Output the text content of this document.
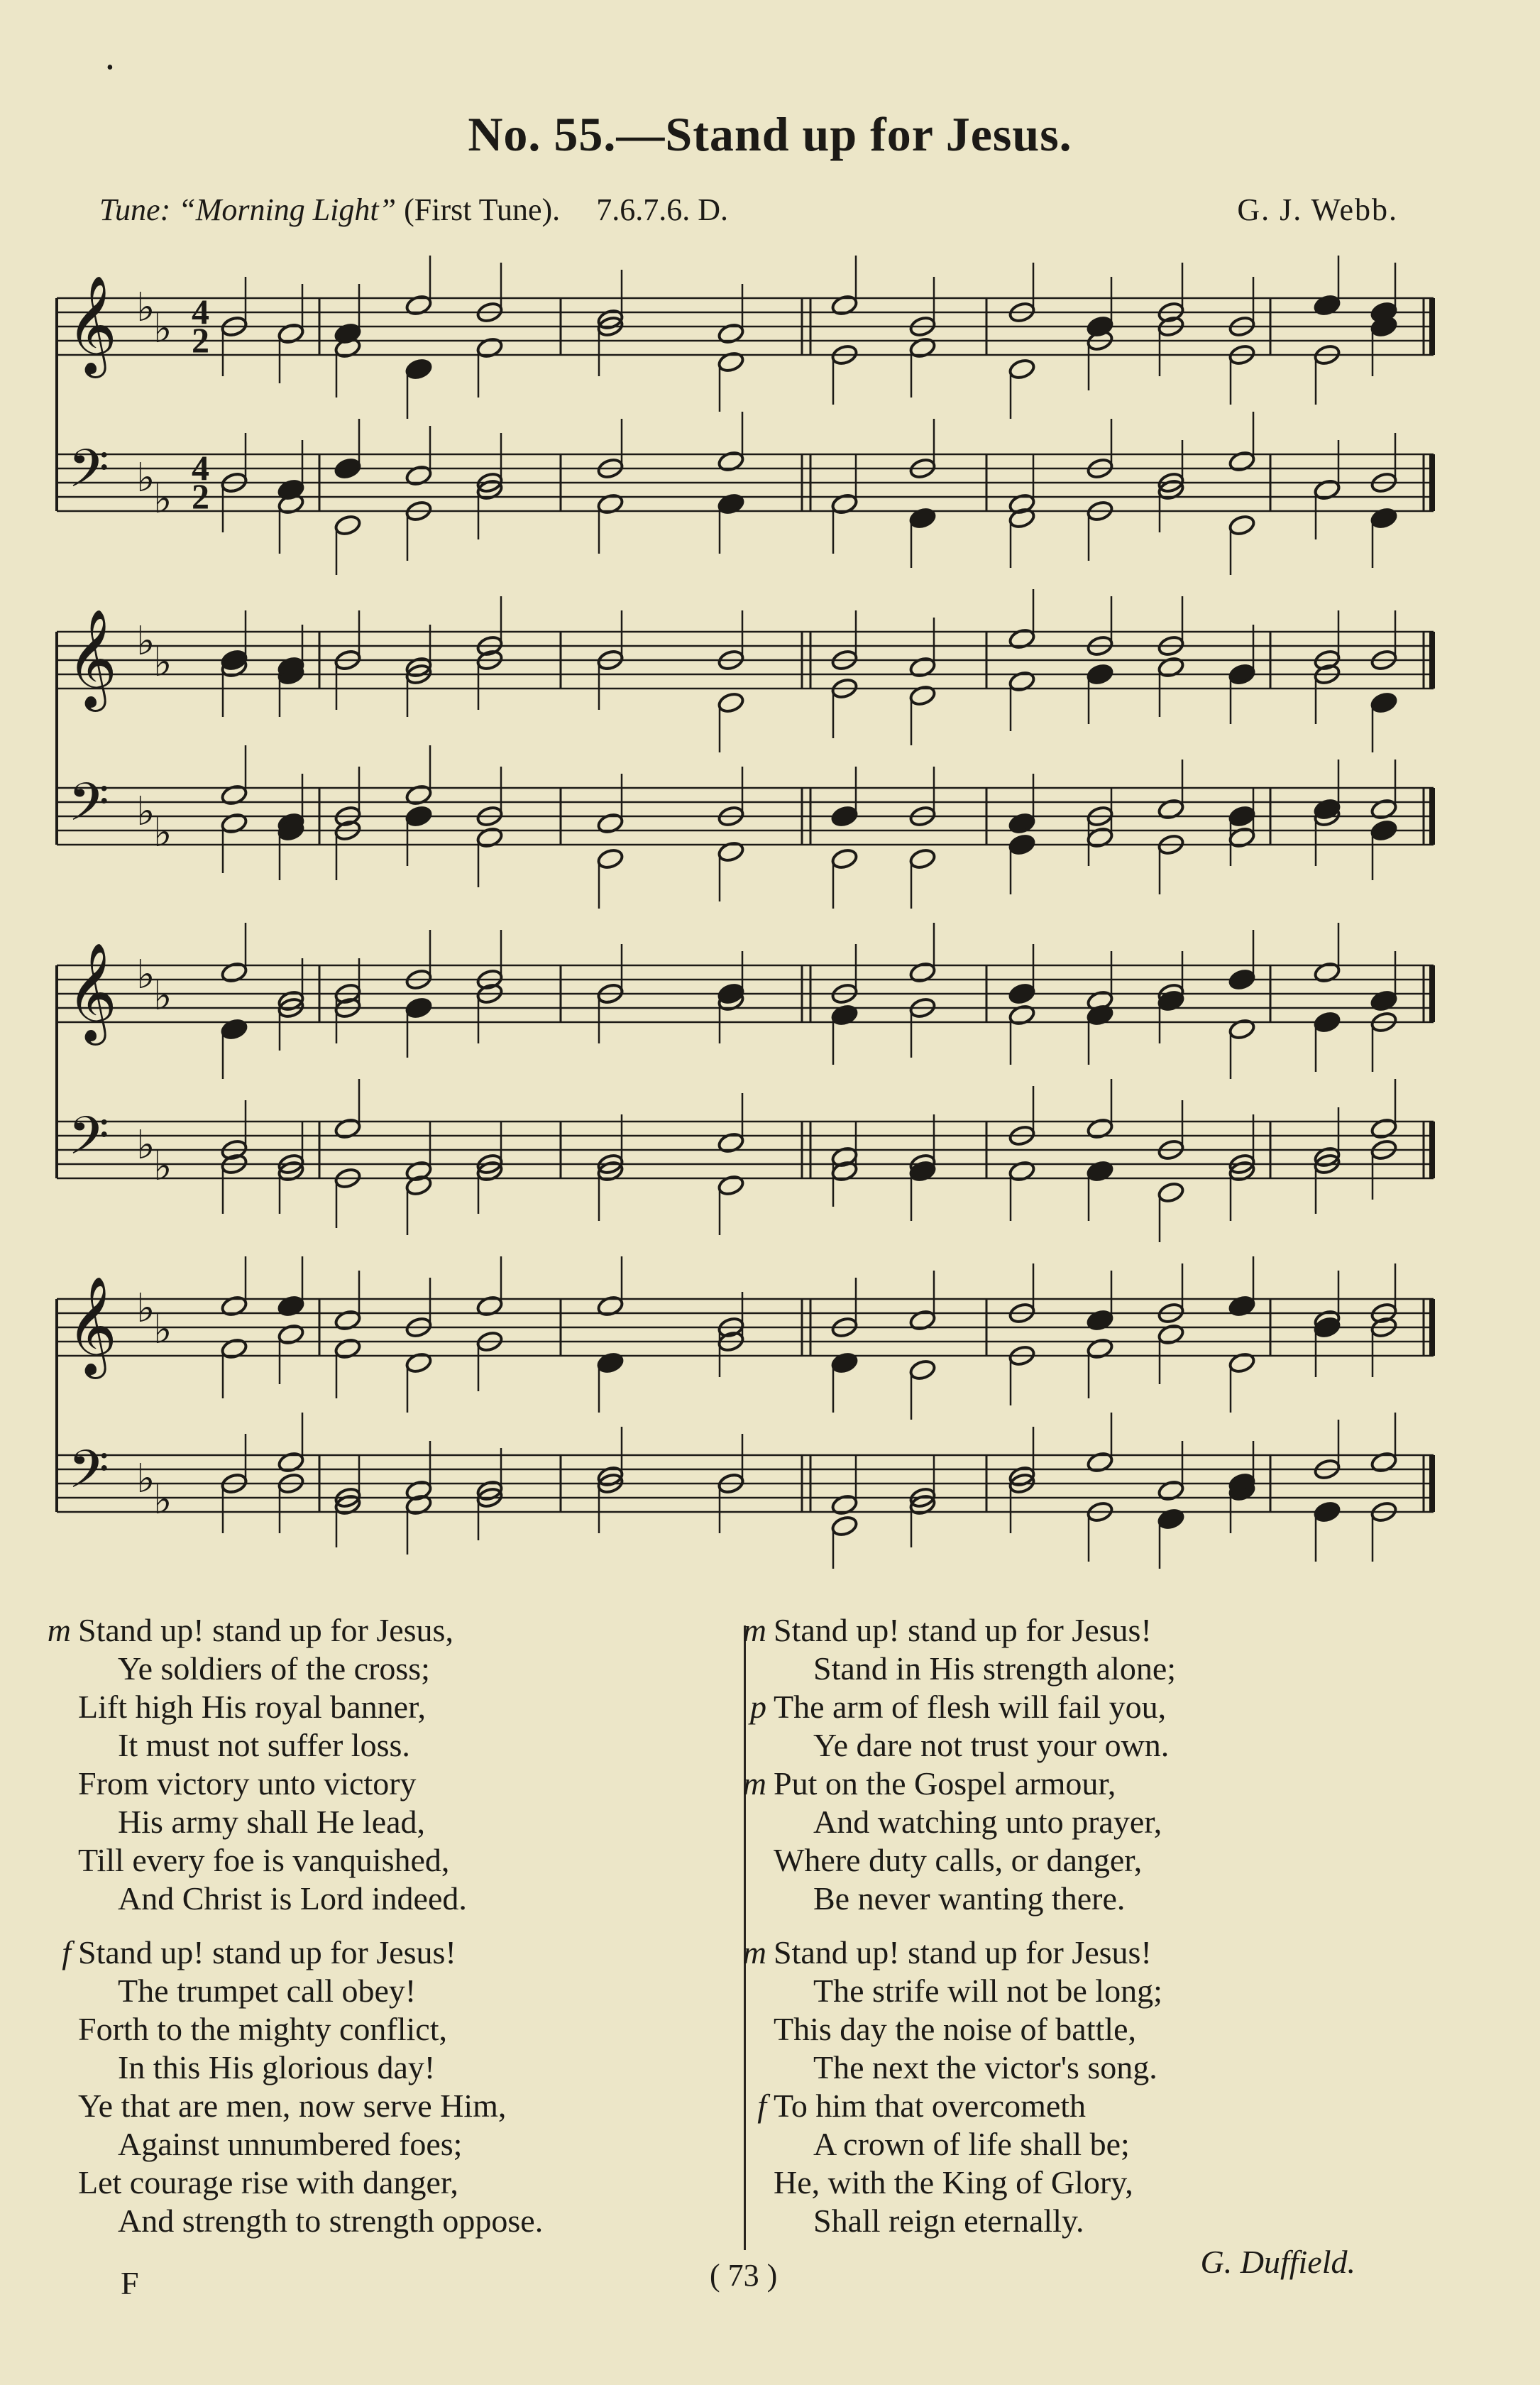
•
No. 55.—Stand up for Jesus.
Tune: “Morning Light” (First Tune). 7.6.7.6. D.	G. J. Webb.
𝄞
𝄢
♭
♭
♭
♭
4
4
2
2
𝄞
𝄢
♭
♭
♭
♭
𝄞
𝄢
♭
♭
♭
♭
𝄞
𝄢
♭
♭
♭
♭
m Stand up! stand up for Jesus,
Ye soldiers of the cross;
Lift high His royal banner,
It must not suffer loss.
From victory unto victory
His army shall He lead,
Till every foe is vanquished,
And Christ is Lord indeed.
f Stand up! stand up for Jesus!
The trumpet call obey!
Forth to the mighty conflict,
In this His glorious day!
Ye that are men, now serve Him,
Against unnumbered foes;
Let courage rise with danger,
And strength to strength oppose.
m Stand up! stand up for Jesus!
Stand in His strength alone;
p The arm of flesh will fail you,
Ye dare not trust your own.
m Put on the Gospel armour,
And watching unto prayer,
Where duty calls, or danger,
Be never wanting there.
m Stand up! stand up for Jesus!
The strife will not be long;
This day the noise of battle,
The next the victor's song.
f To him that overcometh
A crown of life shall be;
He, with the King of Glory,
Shall reign eternally.
F	( 73 )	G. Duffield.
